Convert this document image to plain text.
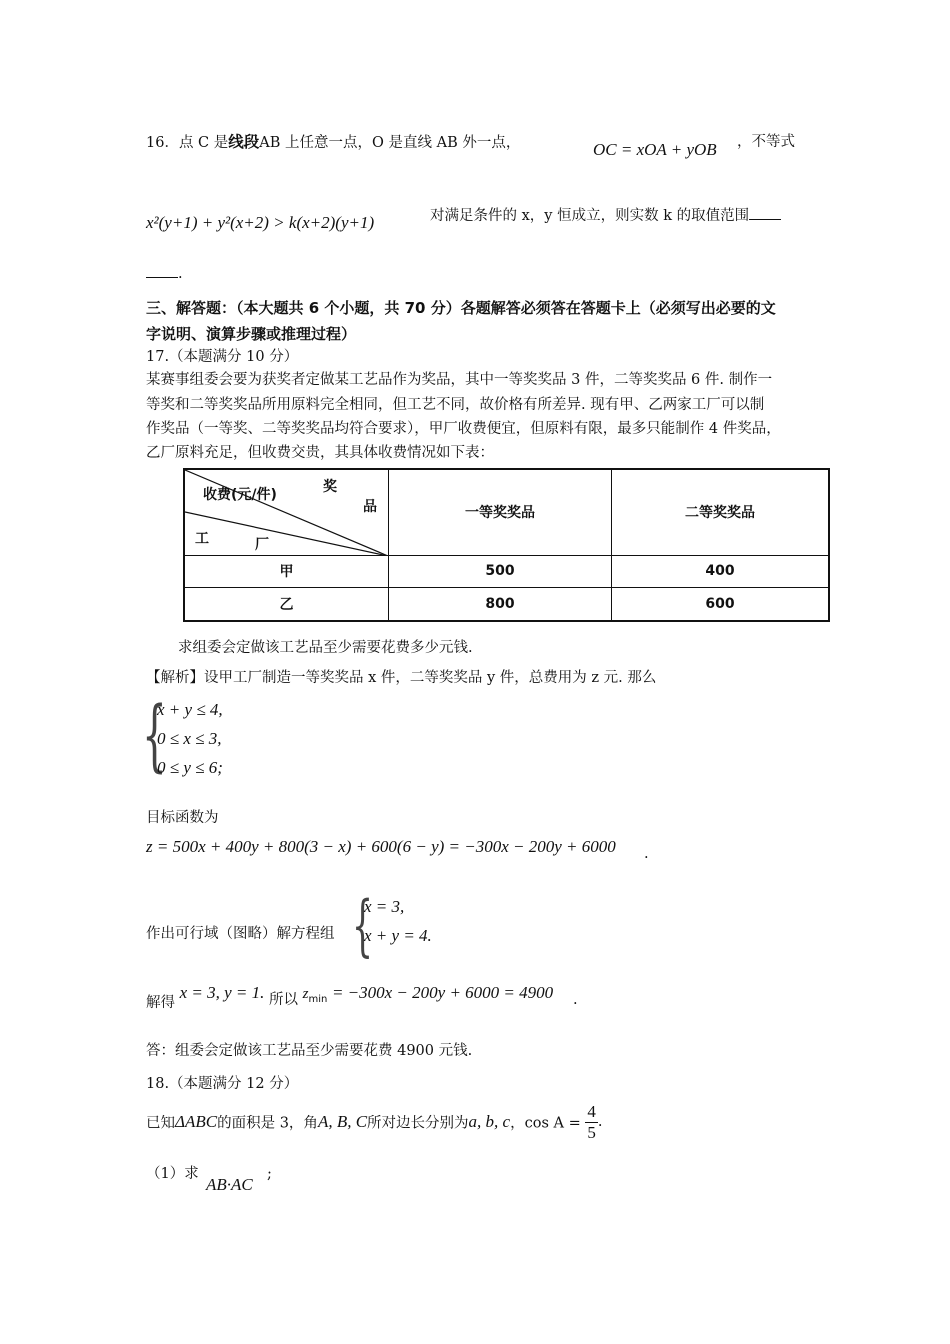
16．点 C 是线段AB 上任意一点，O 是直线 AB 外一点，	OC = xOA + yOB ，不等式
x²(y+1) + y²(x+2) > k(x+2)(y+1)	对满足条件的 x，y 恒成立，则实数 k 的取值范围
.
三、解答题：（本大题共 6 个小题，共 70 分）各题解答必须答在答题卡上（必须写出必要的文
字说明、演算步骤或推理过程）
17.（本题满分 10 分）
某赛事组委会要为获奖者定做某工艺品作为奖品，其中一等奖奖品 3 件，二等奖奖品 6 件. 制作一
等奖和二等奖奖品所用原料完全相同，但工艺不同，故价格有所差异. 现有甲、乙两家工厂可以制
作奖品（一等奖、二等奖奖品均符合要求），甲厂收费便宜，但原料有限，最多只能制作 4 件奖品，
乙厂原料充足，但收费交贵，其具体收费情况如下表：
收费(元/件) 奖
品
工 厂	一等奖奖品	二等奖奖品
甲	500	400
乙	800	600
求组委会定做该工艺品至少需要花费多少元钱.
【解析】设甲工厂制造一等奖奖品 x 件，二等奖奖品 y 件，总费用为 z 元. 那么
{
x + y ≤ 4,
0 ≤ x ≤ 3,
0 ≤ y ≤ 6;
目标函数为
z = 500x + 400y + 800(3 − x) + 600(6 − y) = −300x − 200y + 6000 .
作出可行域（图略）解方程组 {
x = 3,
x + y = 4.
解得 x = 3, y = 1. 所以 $z_{min} = -300x - 200y + 6000 = 4900$ .
答：组委会定做该工艺品至少需要花费 4900 元钱.
18.（本题满分 12 分）
已知ΔABC的面积是 3，角A, B, C所对边长分别为a, b, c，$\cos A = \frac{4}{5}$ .
（1）求
AB·AC
;
